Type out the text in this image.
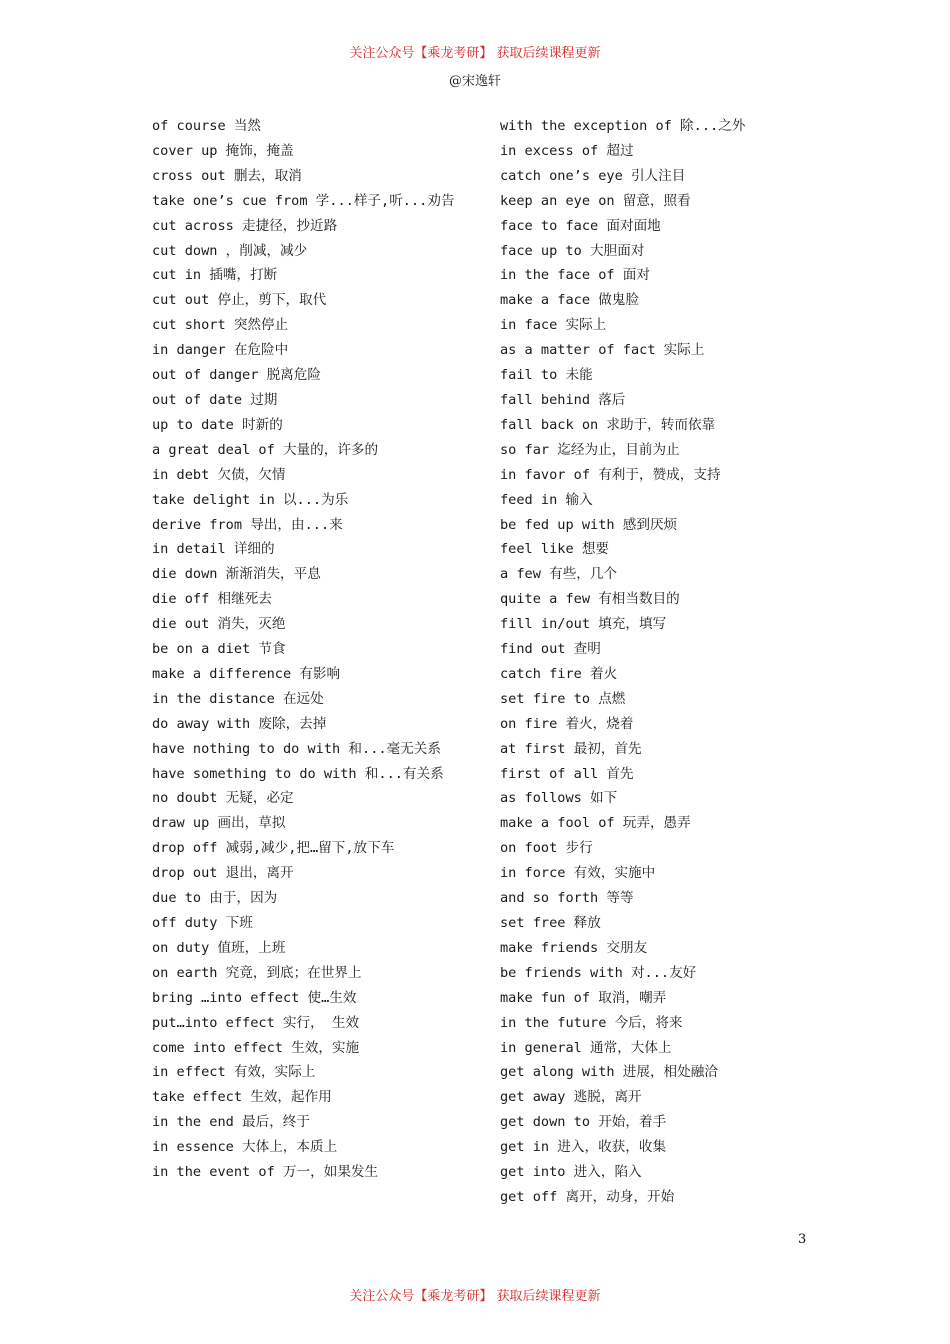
关注公众号【乘龙考研】 获取后续课程更新
@宋逸轩
of course 当然
cover up 掩饰，掩盖
cross out 删去，取消
take one’s cue from 学...样子,听...劝告
cut across 走捷径，抄近路
cut down ，削减，减少
cut in 插嘴，打断
cut out 停止，剪下，取代
cut short 突然停止
in danger 在危险中
out of danger 脱离危险
out of date 过期
up to date 时新的
a great deal of 大量的，许多的
in debt 欠债，欠情
take delight in 以...为乐
derive from 导出，由...来
in detail 详细的
die down 渐渐消失，平息
die off 相继死去
die out 消失，灭绝
be on a diet 节食
make a difference 有影响
in the distance 在远处
do away with 废除，去掉
have nothing to do with 和...毫无关系
have something to do with 和...有关系
no doubt 无疑，必定
draw up 画出，草拟
drop off 减弱,减少,把…留下,放下车
drop out 退出，离开
due to 由于，因为
off duty 下班
on duty 值班，上班
on earth 究竟，到底；在世界上
bring …into effect 使…生效
put…into effect 实行， 生效
come into effect 生效，实施
in effect 有效，实际上
take effect 生效，起作用
in the end 最后，终于
in essence 大体上，本质上
in the event of 万一，如果发生
with the exception of 除...之外
in excess of 超过
catch one’s eye 引人注目
keep an eye on 留意，照看
face to face 面对面地
face up to 大胆面对
in the face of 面对
make a face 做鬼脸
in face 实际上
as a matter of fact 实际上
fail to 未能
fall behind 落后
fall back on 求助于，转而依靠
so far 迄经为止，目前为止
in favor of 有利于，赞成，支持
feed in 输入
be fed up with 感到厌烦
feel like 想要
a few 有些，几个
quite a few 有相当数目的
fill in/out 填充，填写
find out 查明
catch fire 着火
set fire to 点燃
on fire 着火，烧着
at first 最初，首先
first of all 首先
as follows 如下
make a fool of 玩弄，愚弄
on foot 步行
in force 有效，实施中
and so forth 等等
set free 释放
make friends 交朋友
be friends with 对...友好
make fun of 取消，嘲弄
in the future 今后，将来
in general 通常，大体上
get along with 进展，相处融洽
get away 逃脱，离开
get down to 开始，着手
get in 进入，收获，收集
get into 进入，陷入
get off 离开，动身，开始
3
关注公众号【乘龙考研】 获取后续课程更新
